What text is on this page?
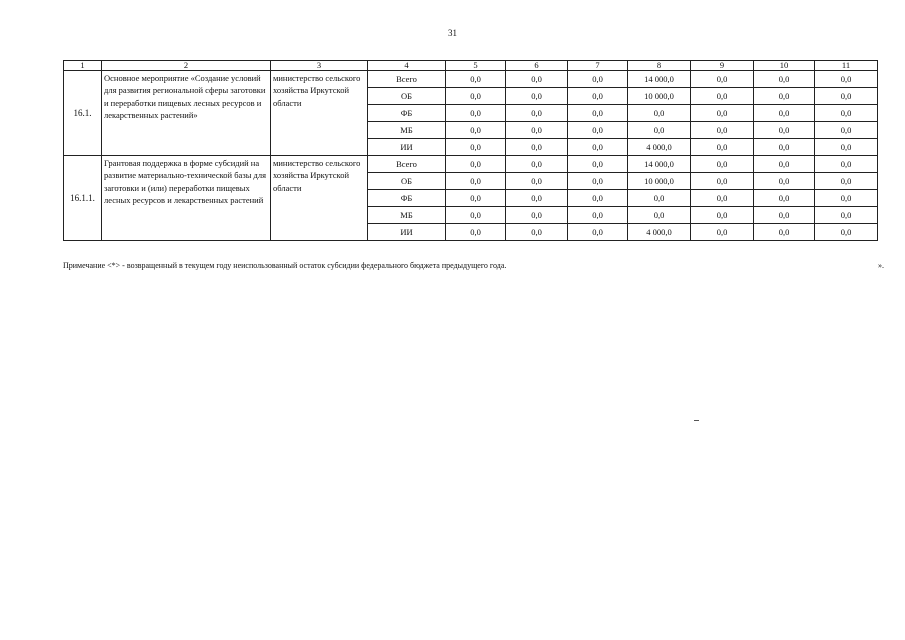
31
1	2	3	4	5	6	7	8	9	10	11
16.1.	Основное мероприятие «Создание условий для развития региональной сферы заготовки и переработки пищевых лесных ресурсов и лекарственных растений»	министерство сельского хозяйства Иркутской области	Всего	0,0	0,0	0,0	14 000,0	0,0	0,0	0,0
			ОБ	0,0	0,0	0,0	10 000,0	0,0	0,0	0,0
			ФБ	0,0	0,0	0,0	0,0	0,0	0,0	0,0
			МБ	0,0	0,0	0,0	0,0	0,0	0,0	0,0
			ИИ	0,0	0,0	0,0	4 000,0	0,0	0,0	0,0
16.1.1.	Грантовая поддержка в форме субсидий на развитие материально-технической базы для заготовки и (или) переработки пищевых лесных ресурсов и лекарственных растений	министерство сельского хозяйства Иркутской области	Всего	0,0	0,0	0,0	14 000,0	0,0	0,0	0,0
			ОБ	0,0	0,0	0,0	10 000,0	0,0	0,0	0,0
			ФБ	0,0	0,0	0,0	0,0	0,0	0,0	0,0
			МБ	0,0	0,0	0,0	0,0	0,0	0,0	0,0
			ИИ	0,0	0,0	0,0	4 000,0	0,0	0,0	0,0
Примечание <*> - возвращенный в текущем году неиспользованный остаток субсидии федерального бюджета предыдущего года.	».
